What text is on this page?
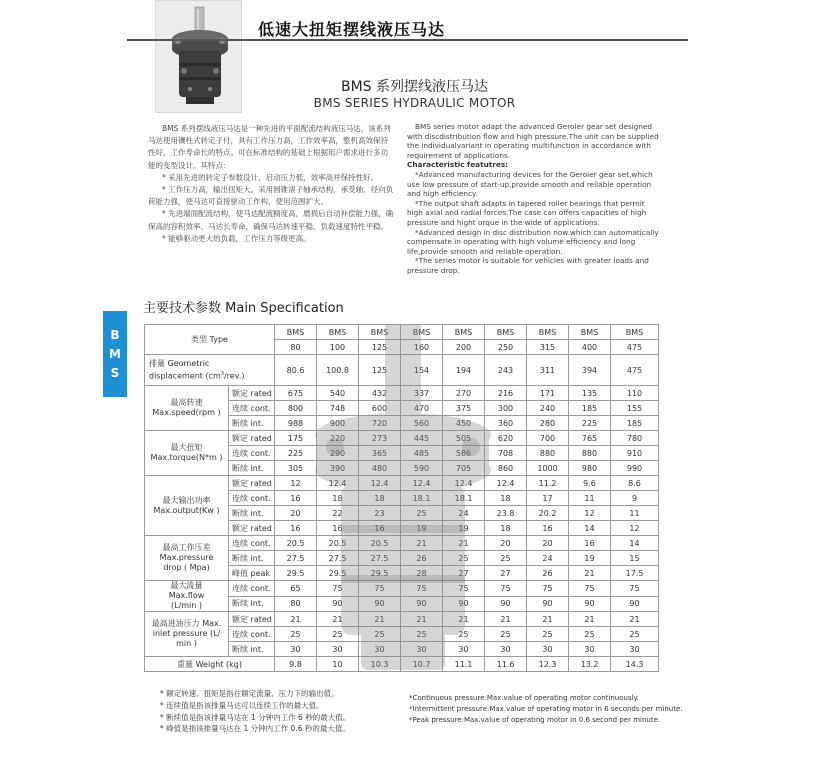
低速大扭矩摆线液压马达
BMS 系列摆线液压马达
BMS SERIES HYDRAULIC MOTOR

BMS 系列摆线液压马达是一种先进的平面配流结构液压马达，该系列马达使用镶柱式转定子付，具有工作压力高，工作效率高，整机高效保持性好，工作寿命长的特点。可在标准结构的基础上根据用户需求进行多功能的变型设计。其特点：

* 采用先进的转定子参数设计，启动压力低，效率高并保持性好。

* 工作压力高，输出扭矩大。采用圆锥滚子轴承结构，承受轴、径向负荷能力强，使马达可直接驱动工作构，使用范围扩大。

* 先进端面配流结构，使马达配流精度高，磨损后自动补偿能力强，确保高的容积效率、马达长寿命，确保马达转速平稳、负载速度特性平稳。

* 能够驱动更大的负载，工作压力等级更高。

BMS series motor adapt the advanced Geroler gear set designed with discdistribution flow and high pressure.The unit can be supplied the individualvariant in operating multifunction in accordance with requirement of applications.

Characteristic featutres:

*Advanced manufacturing devices for the Geroler gear set,which use low pressure of start-up,provide smooth and reliable operation and high efficiency.

*The output shaft adapts in tapered roller bearings that permit high axial and radial forces.The case can offers capacities of high pressure and hight orque in the wide of applications.

*Advanced design in disc distribution now.which can automatically compensate in operating with high volume efficiency and long life,provide smooth and reliable operation.

*The series motor is suitable for vehicles with greater loads and pressure drop.

B
M
S
主要技术参数 Main Specification
类型 Type		BMS	BMS	BMS	BMS	BMS	BMS	BMS	BMS	BMS
		80	100	125	160	200	250	315	400	475

排量 Geometric
displacement $(cm^3/rev.)$		80.6	100.8	125	154	194	243	311	394	475

最高转速
Max.speed(rpm )	额定 rated	675	540	432	337	270	216	171	135	110
	连续 cont.	800	748	600	470	375	300	240	185	155
	断续 int.	988	900	720	560	450	360	280	225	185

最大扭矩
Max.torque(N*m )	额定 rated	175	220	273	445	505	620	700	765	780
	连续 cont.	225	290	365	485	586	708	880	880	910
	断续 int.	305	390	480	590	705	860	1000	980	990

最大输出功率
Max.output(Kw )	额定 rated	12	12.4	12.4	12.4	12.4	12.4	11.2	9.6	8.6
	连续 cont.	16	18	18	18.1	18.1	18	17	11	9
	断续 int.	20	22	23	25	24	23.8	20.2	12	11
	额定 rated	16	16	16	19	19	18	16	14	12

最高工作压差
Max.pressure
drop ( Mpa)	连续 cont.	20.5	20.5	20.5	21	21	20	20	16	14
	断续 int.	27.5	27.5	27.5	26	25	25	24	19	15
	峰值 peak	29.5	29.5	29.5	28	27	27	26	21	17.5

最大流量
Max.flow
(L/min )	连续 cont.	65	75	75	75	75	75	75	75	75
	断续 int.	80	90	90	90	90	90	90	90	90

最高进油压力 Max.
inlet pressure (L/
min )	额定 rated	21	21	21	21	21	21	21	21	21
	连续 cont.	25	25	25	25	25	25	25	25	25
	断续 int.	30	30	30	30	30	30	30	30	30
重量 Weight (kg)		9.8	10	10.3	10.7	11.1	11.6	12.3	13.2	14.3
* 额定转速、扭矩是指在额定流量、压力下的输出值。
* 连续值是指该排量马达可以连续工作的最大值。
* 断续值是指该排量马达在 1 分钟内工作 6 秒的最大值。
* 峰值是指该排量马达在 1 分钟内工作 0.6 秒的最大值。
*Continuous pressure:Max.value of operating motor continuously.
*Intermittent pressure:Max.value of operating motor in 6 seconds per minute.
*Peak pressure:Max.value of operating motor in 0.6 second per minute.
